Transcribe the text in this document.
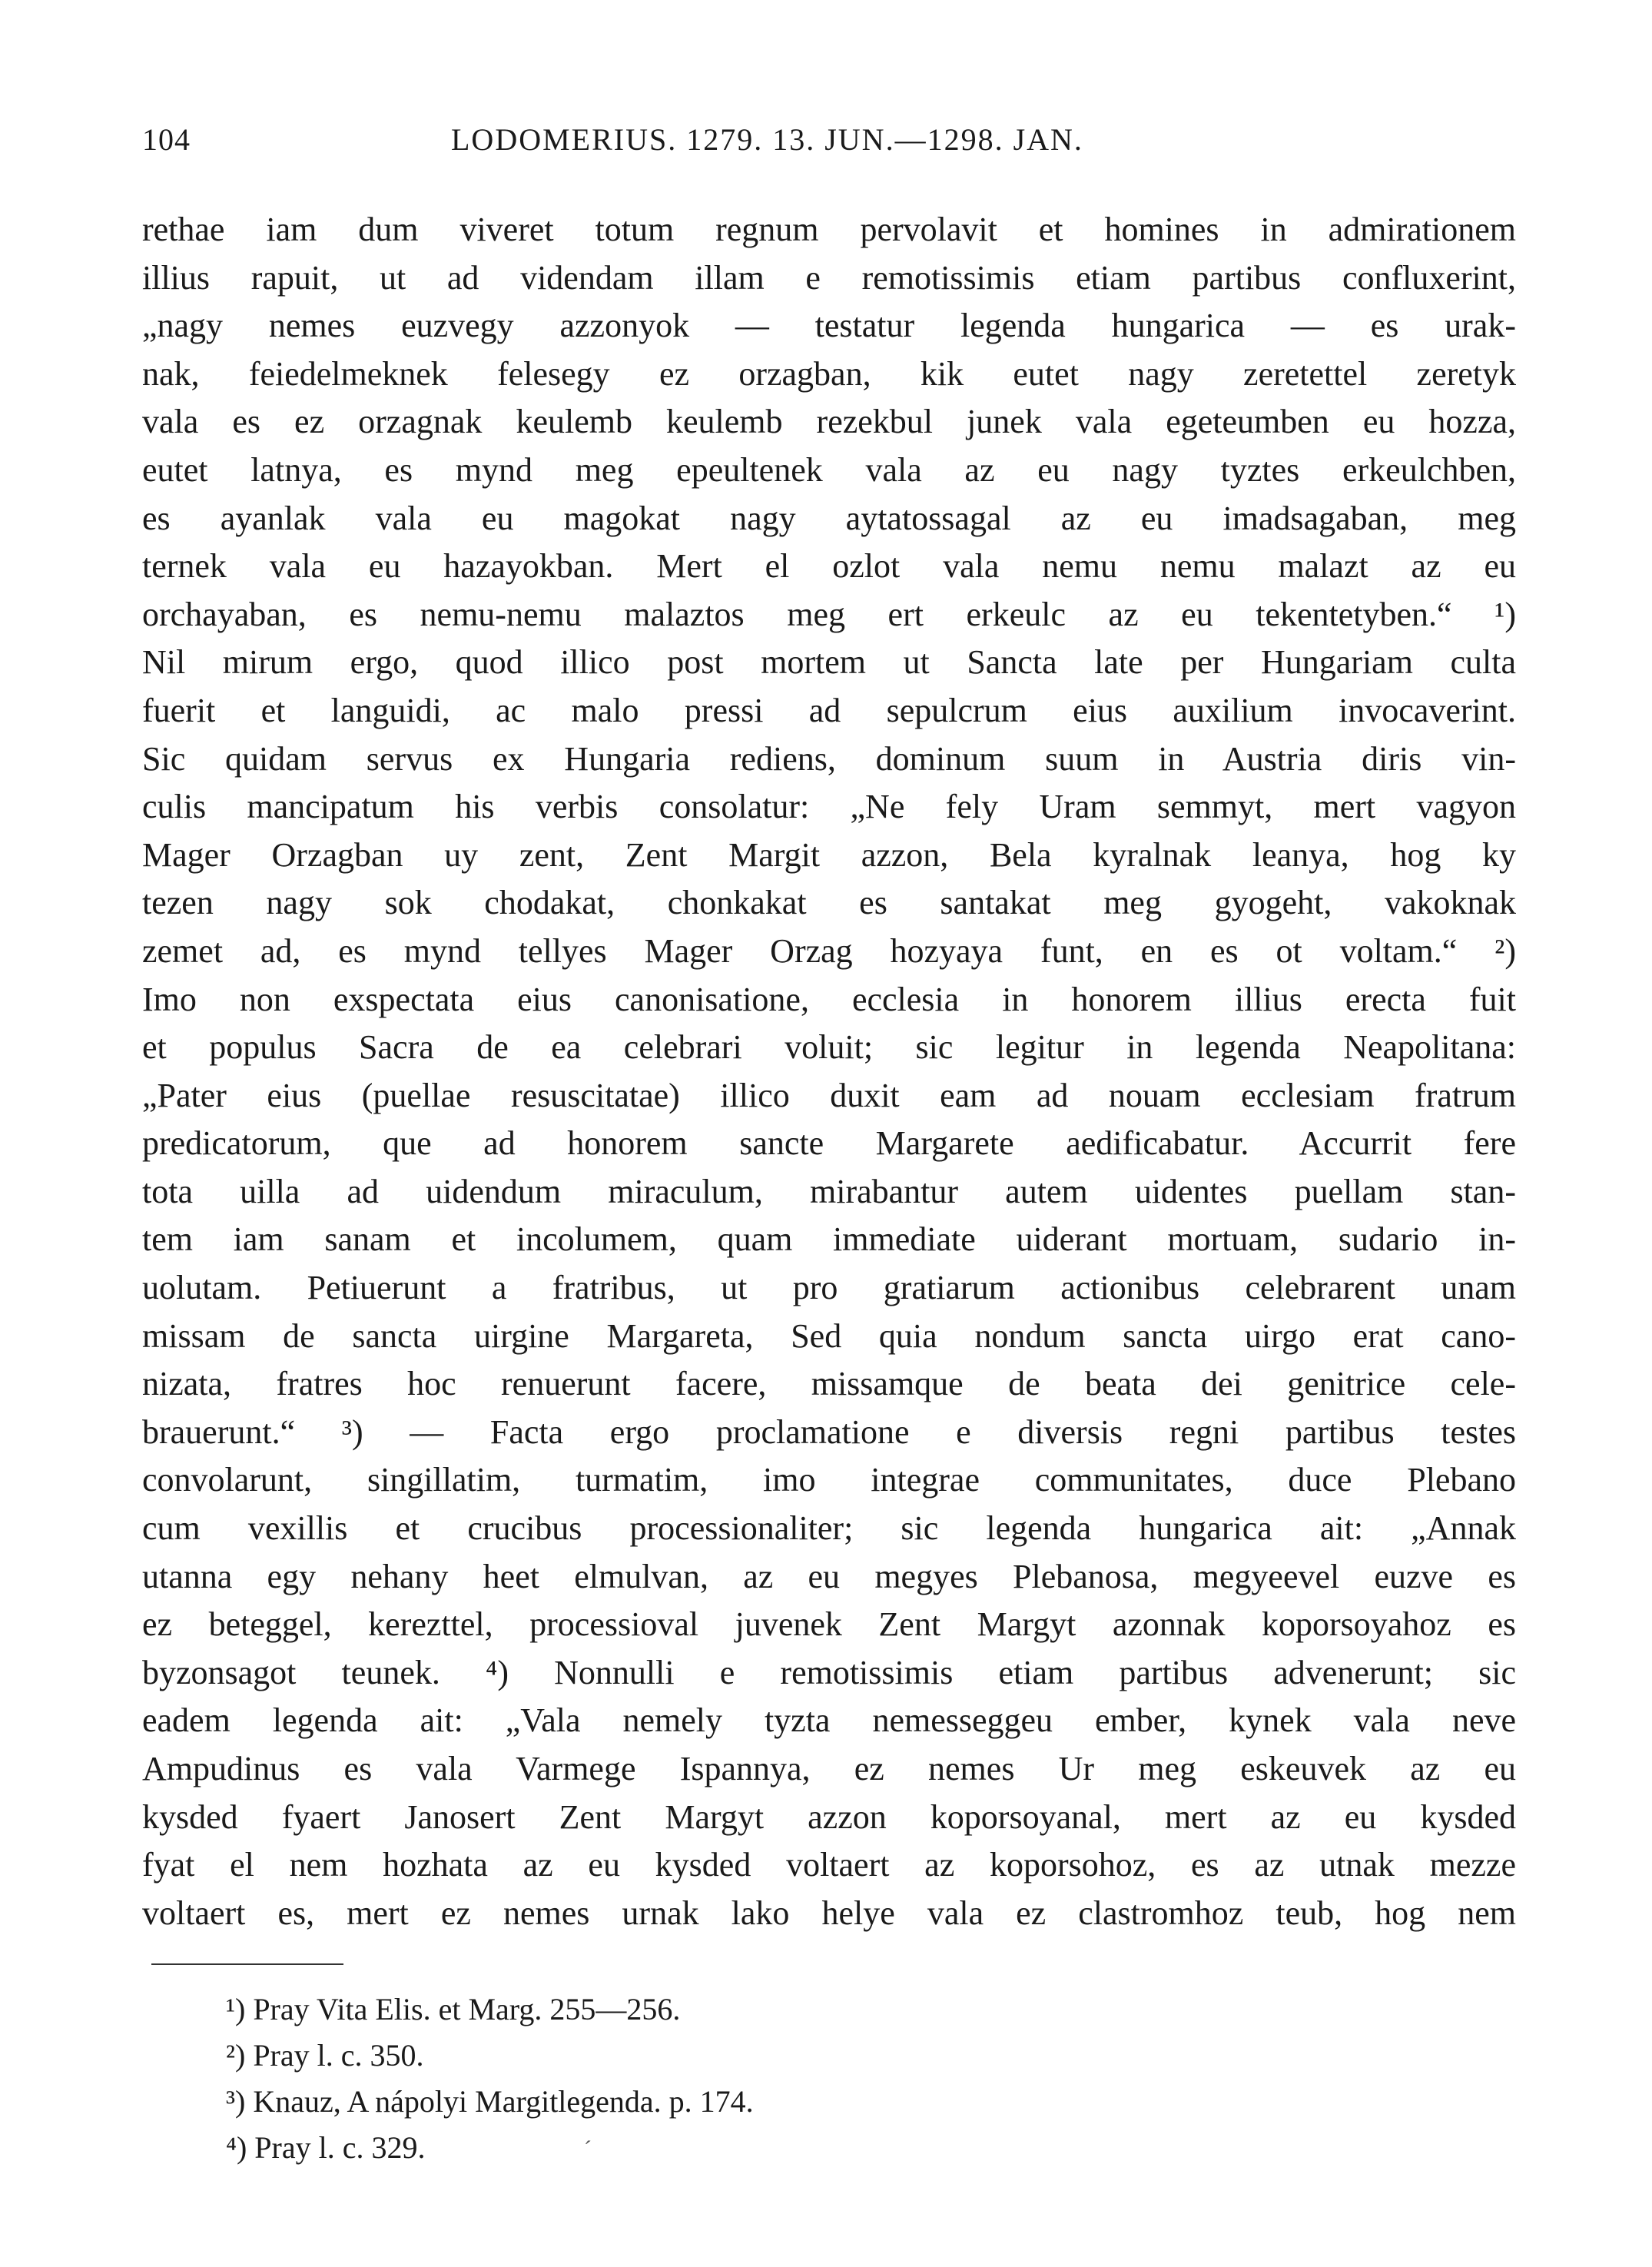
104	LODOMERIUS. 1279. 13. JUN.—1298. JAN.
rethae iam dum viveret totum regnum pervolavit et homines in admirationem
illius rapuit, ut ad videndam illam e remotissimis etiam partibus confluxerint,
„nagy nemes euzvegy azzonyok — testatur legenda hungarica — es urak-
nak, feiedelmeknek felesegy ez orzagban, kik eutet nagy zeretettel zeretyk
vala es ez orzagnak keulemb keulemb rezekbul junek vala egeteumben eu hozza,
eutet latnya, es mynd meg epeultenek vala az eu nagy tyztes erkeulchben,
es ayanlak vala eu magokat nagy aytatossagal az eu imadsagaban, meg
ternek vala eu hazayokban. Mert el ozlot vala nemu nemu malazt az eu
orchayaban, es nemu-nemu malaztos meg ert erkeulc az eu tekentetyben.“ ¹)
Nil mirum ergo, quod illico post mortem ut Sancta late per Hungariam culta
fuerit et languidi, ac malo pressi ad sepulcrum eius auxilium invocaverint.
Sic quidam servus ex Hungaria rediens, dominum suum in Austria diris vin-
culis mancipatum his verbis consolatur: „Ne fely Uram semmyt, mert vagyon
Mager Orzagban uy zent, Zent Margit azzon, Bela kyralnak leanya, hog ky
tezen nagy sok chodakat, chonkakat es santakat meg gyogeht, vakoknak
zemet ad, es mynd tellyes Mager Orzag hozyaya funt, en es ot voltam.“ ²)
Imo non exspectata eius canonisatione, ecclesia in honorem illius erecta fuit
et populus Sacra de ea celebrari voluit; sic legitur in legenda Neapolitana:
„Pater eius (puellae resuscitatae) illico duxit eam ad nouam ecclesiam fratrum
predicatorum, que ad honorem sancte Margarete aedificabatur. Accurrit fere
tota uilla ad uidendum miraculum, mirabantur autem uidentes puellam stan-
tem iam sanam et incolumem, quam immediate uiderant mortuam, sudario in-
uolutam. Petiuerunt a fratribus, ut pro gratiarum actionibus celebrarent unam
missam de sancta uirgine Margareta, Sed quia nondum sancta uirgo erat cano-
nizata, fratres hoc renuerunt facere, missamque de beata dei genitrice cele-
brauerunt.“ ³) — Facta ergo proclamatione e diversis regni partibus testes
convolarunt, singillatim, turmatim, imo integrae communitates, duce Plebano
cum vexillis et crucibus processionaliter; sic legenda hungarica ait: „Annak
utanna egy nehany heet elmulvan, az eu megyes Plebanosa, megyeevel euzve es
ez beteggel, kerezttel, processioval juvenek Zent Margyt azonnak koporsoyahoz es
byzonsagot teunek. ⁴) Nonnulli e remotissimis etiam partibus advenerunt; sic
eadem legenda ait: „Vala nemely tyzta nemesseggeu ember, kynek vala neve
Ampudinus es vala Varmege Ispannya, ez nemes Ur meg eskeuvek az eu
kysded fyaert Janosert Zent Margyt azzon koporsoyanal, mert az eu kysded
fyat el nem hozhata az eu kysded voltaert az koporsohoz, es az utnak mezze
voltaert es, mert ez nemes urnak lako helye vala ez clastromhoz teub, hog nem
¹) Pray Vita Elis. et Marg. 255—256.
²) Pray l. c. 350.
³) Knauz, A nápolyi Margitlegenda. p. 174.
⁴) Pray l. c. 329.	ˊ
